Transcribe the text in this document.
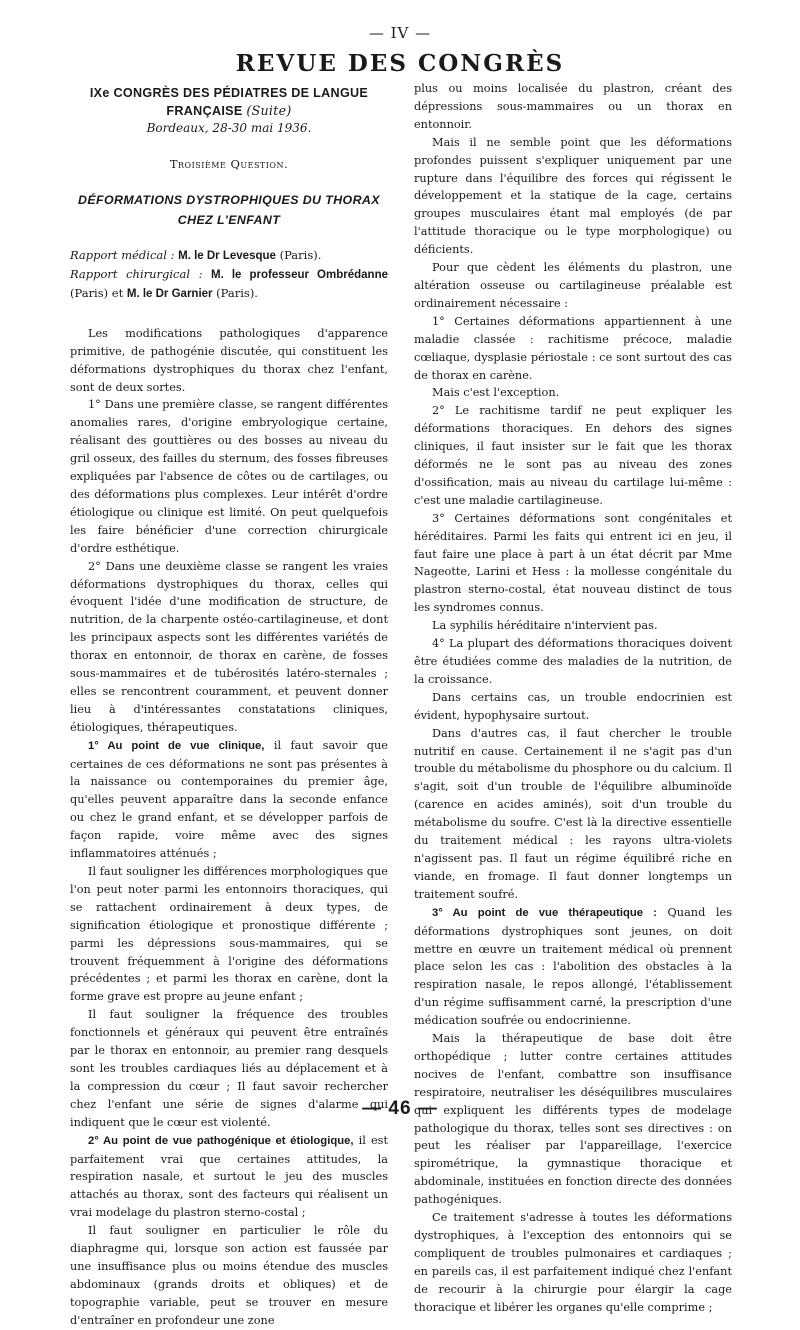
— IV —
REVUE DES CONGRÈS
IXe CONGRÈS DES PÉDIATRES DE LANGUE FRANÇAISE (Suite)
Bordeaux, 28-30 mai 1936.
Troisième Question.
DÉFORMATIONS DYSTROPHIQUES DU THORAX CHEZ L'ENFANT
Rapport médical : M. le Dr Levesque (Paris).
Rapport chirurgical : M. le professeur Ombrédanne (Paris) et M. le Dr Garnier (Paris).

Les modifications pathologiques d'apparence primitive, de pathogénie discutée, qui constituent les déformations dystrophiques du thorax chez l'enfant, sont de deux sortes.

1° Dans une première classe, se rangent différentes anomalies rares, d'origine embryologique certaine, réalisant des gouttières ou des bosses au niveau du gril osseux, des failles du sternum, des fosses fibreuses expliquées par l'absence de côtes ou de cartilages, ou des déformations plus complexes. Leur intérêt d'ordre étiologique ou clinique est limité. On peut quelquefois les faire bénéficier d'une correction chirurgicale d'ordre esthétique.

2° Dans une deuxième classe se rangent les vraies déformations dystrophiques du thorax, celles qui évoquent l'idée d'une modification de structure, de nutrition, de la charpente ostéo-cartilagineuse, et dont les principaux aspects sont les différentes variétés de thorax en entonnoir, de thorax en carène, de fosses sous-mammaires et de tubérosités latéro-sternales ; elles se rencontrent couramment, et peuvent donner lieu à d'intéressantes constatations cliniques, étiologiques, thérapeutiques.

1° Au point de vue clinique, il faut savoir que certaines de ces déformations ne sont pas présentes à la naissance ou contemporaines du premier âge, qu'elles peuvent apparaître dans la seconde enfance ou chez le grand enfant, et se développer parfois de façon rapide, voire même avec des signes inflammatoires atténués ;

Il faut souligner les différences morphologiques que l'on peut noter parmi les entonnoirs thoraciques, qui se rattachent ordinairement à deux types, de signification étiologique et pronostique différente ; parmi les dépressions sous-mammaires, qui se trouvent fréquemment à l'origine des déformations précédentes ; et parmi les thorax en carène, dont la forme grave est propre au jeune enfant ;

Il faut souligner la fréquence des troubles fonctionnels et généraux qui peuvent être entraînés par le thorax en entonnoir, au premier rang desquels sont les troubles cardiaques liés au déplacement et à la compression du cœur ; Il faut savoir rechercher chez l'enfant une série de signes d'alarme qui indiquent que le cœur est violenté.

2° Au point de vue pathogénique et étiologique, il est parfaitement vrai que certaines attitudes, la respiration nasale, et surtout le jeu des muscles attachés au thorax, sont des facteurs qui réalisent un vrai modelage du plastron sterno-costal ;

Il faut souligner en particulier le rôle du diaphragme qui, lorsque son action est faussée par une insuffisance plus ou moins étendue des muscles abdominaux (grands droits et obliques) et de topographie variable, peut se trouver en mesure d'entraîner en profondeur une zone

plus ou moins localisée du plastron, créant des dépressions sous-mammaires ou un thorax en entonnoir.

Mais il ne semble point que les déformations profondes puissent s'expliquer uniquement par une rupture dans l'équilibre des forces qui régissent le développement et la statique de la cage, certains groupes musculaires étant mal employés (de par l'attitude thoracique ou le type morphologique) ou déficients.

Pour que cèdent les éléments du plastron, une altération osseuse ou cartilagineuse préalable est ordinairement nécessaire :

1° Certaines déformations appartiennent à une maladie classée : rachitisme précoce, maladie cœliaque, dysplasie périostale : ce sont surtout des cas de thorax en carène.

Mais c'est l'exception.

2° Le rachitisme tardif ne peut expliquer les déformations thoraciques. En dehors des signes cliniques, il faut insister sur le fait que les thorax déformés ne le sont pas au niveau des zones d'ossification, mais au niveau du cartilage lui-même : c'est une maladie cartilagineuse.

3° Certaines déformations sont congénitales et héréditaires. Parmi les faits qui entrent ici en jeu, il faut faire une place à part à un état décrit par Mme Nageotte, Larini et Hess : la mollesse congénitale du plastron sterno-costal, état nouveau distinct de tous les syndromes connus.

La syphilis héréditaire n'intervient pas.

4° La plupart des déformations thoraciques doivent être étudiées comme des maladies de la nutrition, de la croissance.

Dans certains cas, un trouble endocrinien est évident, hypophysaire surtout.

Dans d'autres cas, il faut chercher le trouble nutritif en cause. Certainement il ne s'agit pas d'un trouble du métabolisme du phosphore ou du calcium. Il s'agit, soit d'un trouble de l'équilibre albuminoïde (carence en acides aminés), soit d'un trouble du métabolisme du soufre. C'est là la directive essentielle du traitement médical : les rayons ultra-violets n'agissent pas. Il faut un régime équilibré riche en viande, en fromage. Il faut donner longtemps un traitement soufré.

3° Au point de vue thérapeutique : Quand les déformations dystrophiques sont jeunes, on doit mettre en œuvre un traitement médical où prennent place selon les cas : l'abolition des obstacles à la respiration nasale, le repos allongé, l'établissement d'un régime suffisamment carné, la prescription d'une médication soufrée ou endocrinienne.

Mais la thérapeutique de base doit être orthopédique ; lutter contre certaines attitudes nocives de l'enfant, combattre son insuffisance respiratoire, neutraliser les déséquilibres musculaires qui expliquent les différents types de modelage pathologique du thorax, telles sont ses directives : on peut les réaliser par l'appareillage, l'exercice spirométrique, la gymnastique thoracique et abdominale, instituées en fonction directe des données pathogéniques.

Ce traitement s'adresse à toutes les déformations dystrophiques, à l'exception des entonnoirs qui se compliquent de troubles pulmonaires et cardiaques ; en pareils cas, il est parfaitement indiqué chez l'enfant de recourir à la chirurgie pour élargir la cage thoracique et libérer les organes qu'elle comprime ;

— 46 —
